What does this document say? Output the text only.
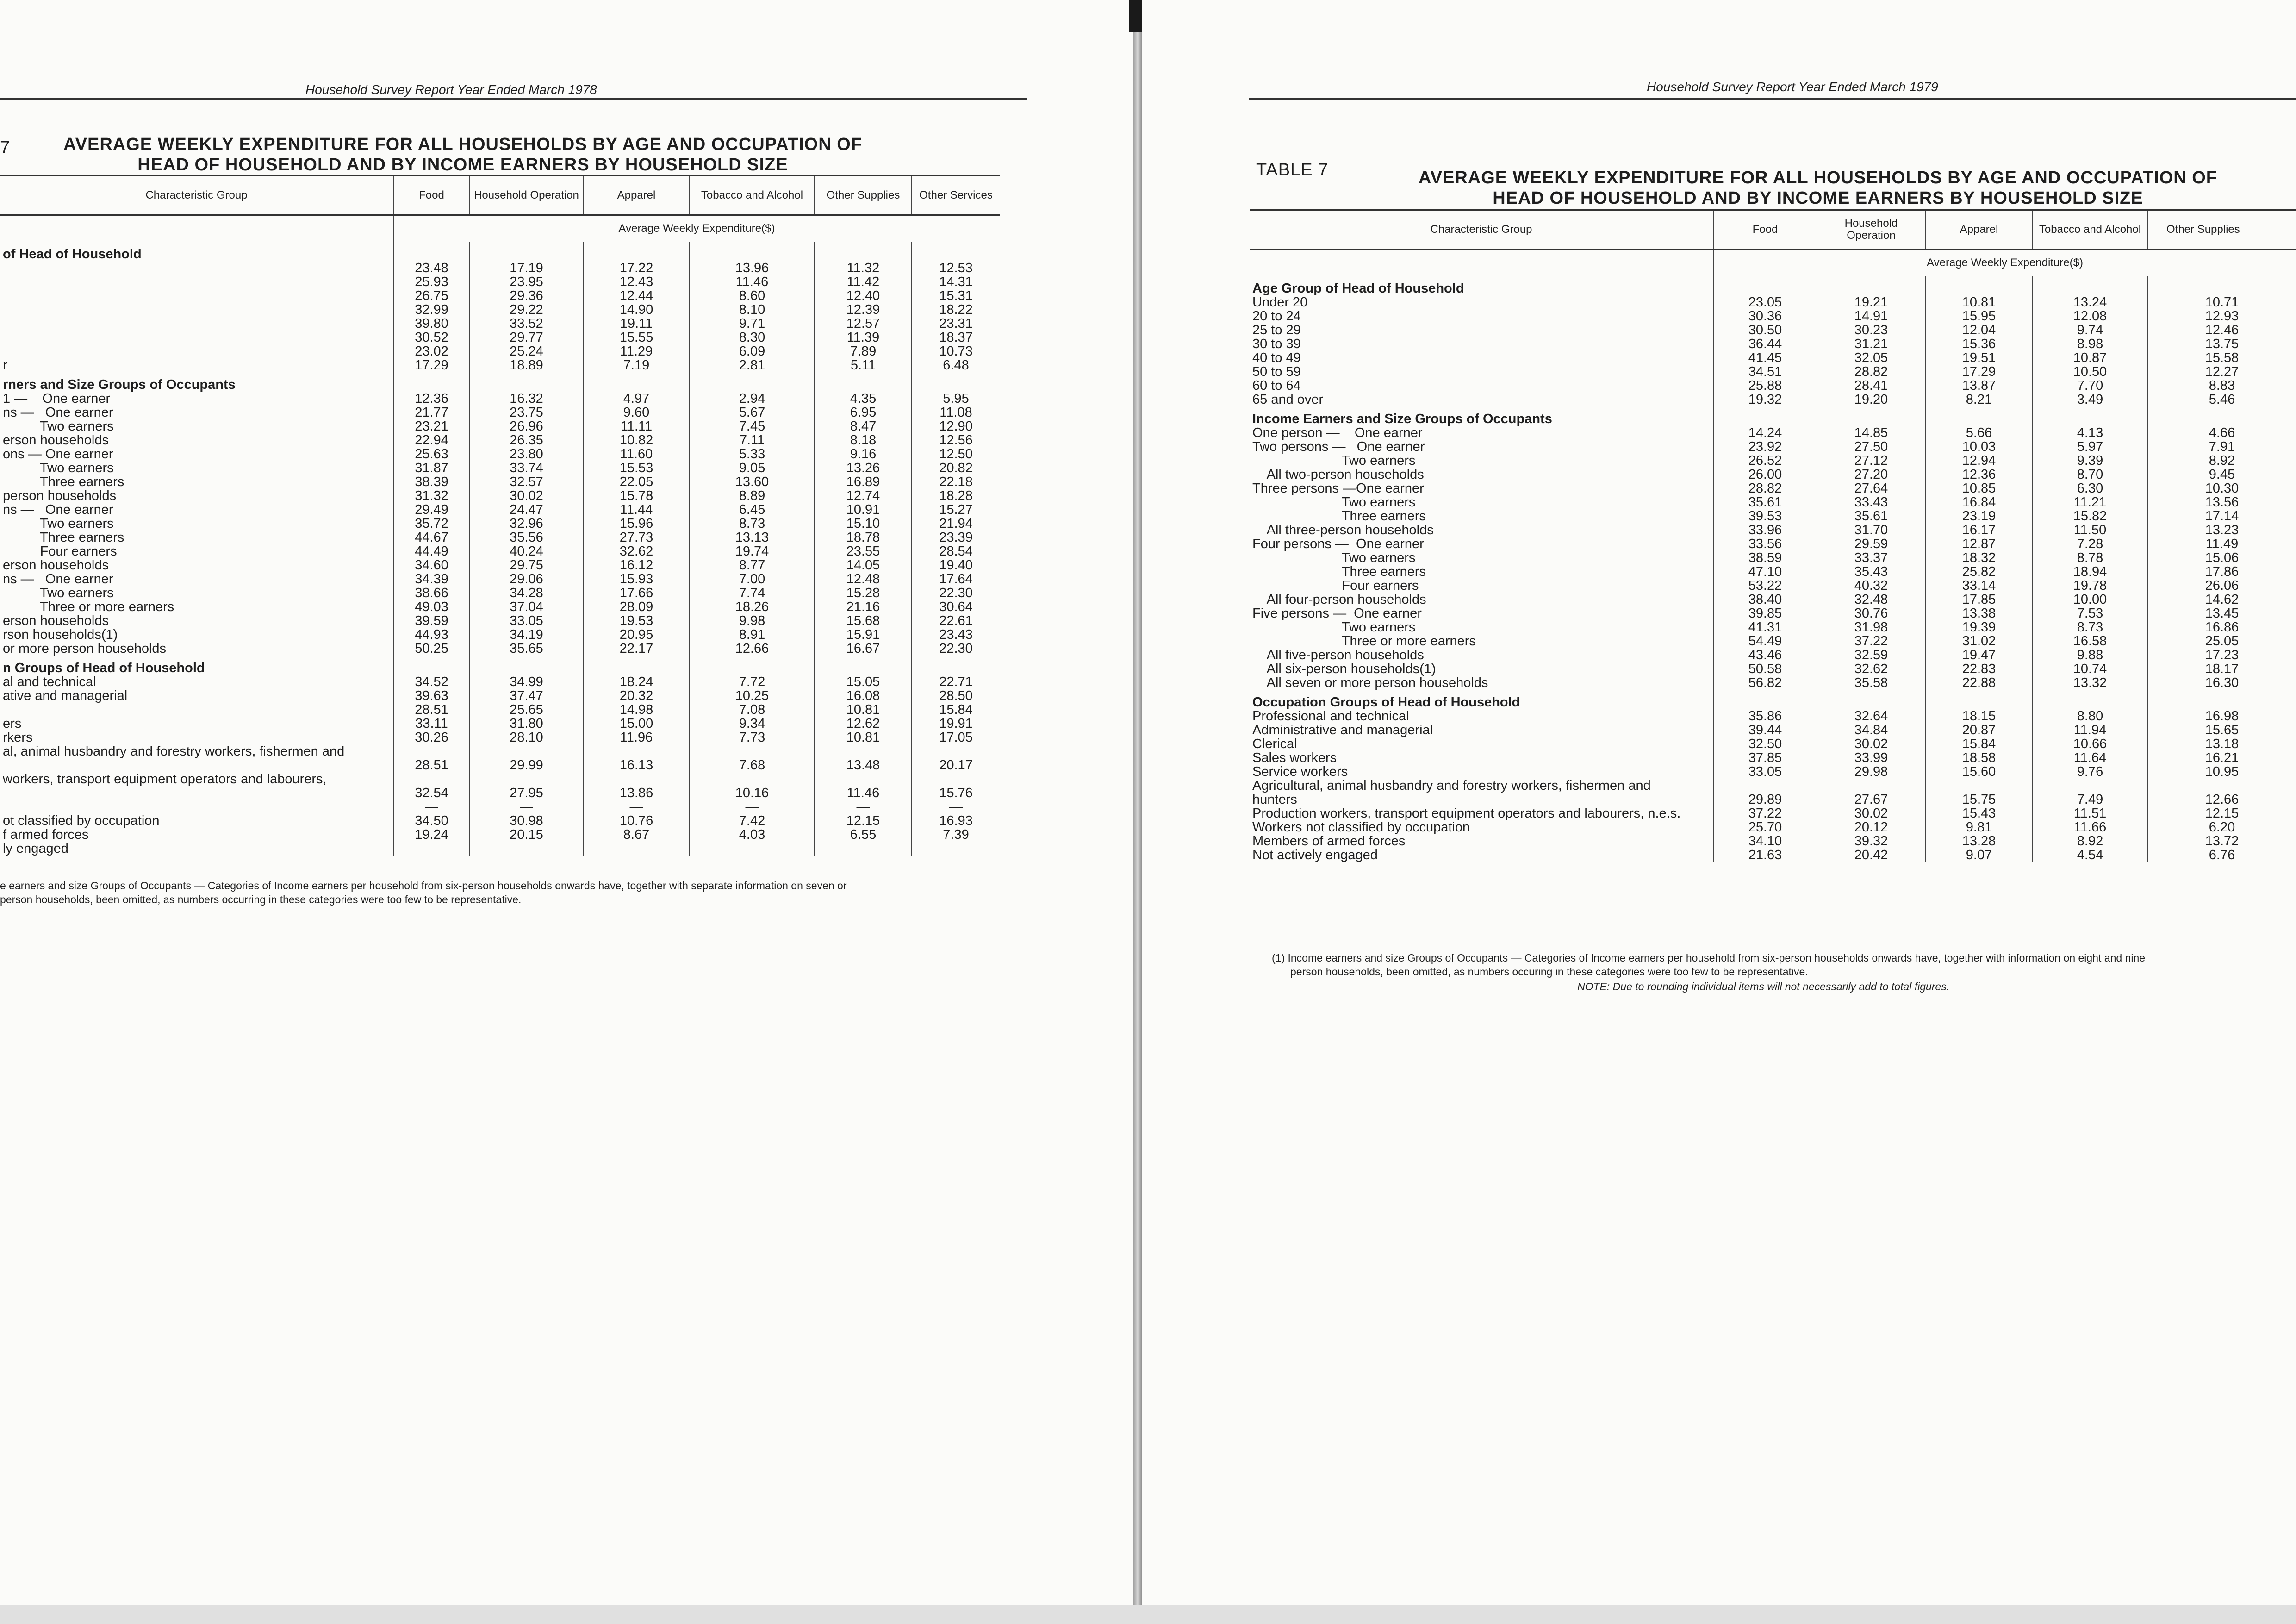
Household Survey Report Year Ended March 1978
7	AVERAGE WEEKLY EXPENDITURE FOR ALL HOUSEHOLDS BY AGE AND OCCUPATION OF
HEAD OF HOUSEHOLD AND BY INCOME EARNERS BY HOUSEHOLD SIZE
Characteristic Group	Food	Household Operation	Apparel	Tobacco and Alcohol	Other Supplies	Other Services
	Average Weekly Expenditure($)					
of Head of Household						
	23.48	17.19	17.22	13.96	11.32	12.53
	25.93	23.95	12.43	11.46	11.42	14.31
	26.75	29.36	12.44	8.60	12.40	15.31
	32.99	29.22	14.90	8.10	12.39	18.22
	39.80	33.52	19.11	9.71	12.57	23.31
	30.52	29.77	15.55	8.30	11.39	18.37
	23.02	25.24	11.29	6.09	7.89	10.73
r	17.29	18.89	7.19	2.81	5.11	6.48
rners and Size Groups of Occupants						
1 —    One earner	12.36	16.32	4.97	2.94	4.35	5.95
ns —   One earner	21.77	23.75	9.60	5.67	6.95	11.08
Two earners	23.21	26.96	11.11	7.45	8.47	12.90
erson households	22.94	26.35	10.82	7.11	8.18	12.56
ons — One earner	25.63	23.80	11.60	5.33	9.16	12.50
Two earners	31.87	33.74	15.53	9.05	13.26	20.82
Three earners	38.39	32.57	22.05	13.60	16.89	22.18
person households	31.32	30.02	15.78	8.89	12.74	18.28
ns —   One earner	29.49	24.47	11.44	6.45	10.91	15.27
Two earners	35.72	32.96	15.96	8.73	15.10	21.94
Three earners	44.67	35.56	27.73	13.13	18.78	23.39
Four earners	44.49	40.24	32.62	19.74	23.55	28.54
erson households	34.60	29.75	16.12	8.77	14.05	19.40
ns —   One earner	34.39	29.06	15.93	7.00	12.48	17.64
Two earners	38.66	34.28	17.66	7.74	15.28	22.30
Three or more earners	49.03	37.04	28.09	18.26	21.16	30.64
erson households	39.59	33.05	19.53	9.98	15.68	22.61
rson households(1)	44.93	34.19	20.95	8.91	15.91	23.43
or more person households	50.25	35.65	22.17	12.66	16.67	22.30
n Groups of Head of Household						
al and technical	34.52	34.99	18.24	7.72	15.05	22.71
ative and managerial	39.63	37.47	20.32	10.25	16.08	28.50
	28.51	25.65	14.98	7.08	10.81	15.84
ers	33.11	31.80	15.00	9.34	12.62	19.91
rkers	30.26	28.10	11.96	7.73	10.81	17.05
al, animal husbandry and forestry workers, fishermen and						
	28.51	29.99	16.13	7.68	13.48	20.17
workers, transport equipment operators and labourers,						
	32.54	27.95	13.86	10.16	11.46	15.76
	—	—	—	—	—	—
ot classified by occupation	34.50	30.98	10.76	7.42	12.15	16.93
f armed forces	19.24	20.15	8.67	4.03	6.55	7.39
ly engaged						
e earners and size Groups of Occupants — Categories of Income earners per household from six-person households onwards have, together with separate information on seven or
person households, been omitted, as numbers occurring in these categories were too few to be representative.
Household Survey Report Year Ended March 1979
TABLE 7	AVERAGE WEEKLY EXPENDITURE FOR ALL HOUSEHOLDS BY AGE AND OCCUPATION OF
HEAD OF HOUSEHOLD AND BY INCOME EARNERS BY HOUSEHOLD SIZE
Characteristic Group	Food	Household Operation	Apparel	Tobacco and Alcohol	Other Supplies
	Average Weekly Expenditure($)				
Age Group of Head of Household					
Under 20	23.05	19.21	10.81	13.24	10.71
20 to 24	30.36	14.91	15.95	12.08	12.93
25 to 29	30.50	30.23	12.04	9.74	12.46
30 to 39	36.44	31.21	15.36	8.98	13.75
40 to 49	41.45	32.05	19.51	10.87	15.58
50 to 59	34.51	28.82	17.29	10.50	12.27
60 to 64	25.88	28.41	13.87	7.70	8.83
65 and over	19.32	19.20	8.21	3.49	5.46
Income Earners and Size Groups of Occupants					
One person —    One earner	14.24	14.85	5.66	4.13	4.66
Two persons —   One earner	23.92	27.50	10.03	5.97	7.91
Two earners	26.52	27.12	12.94	9.39	8.92
All two-person households	26.00	27.20	12.36	8.70	9.45
Three persons —One earner	28.82	27.64	10.85	6.30	10.30
Two earners	35.61	33.43	16.84	11.21	13.56
Three earners	39.53	35.61	23.19	15.82	17.14
All three-person households	33.96	31.70	16.17	11.50	13.23
Four persons —  One earner	33.56	29.59	12.87	7.28	11.49
Two earners	38.59	33.37	18.32	8.78	15.06
Three earners	47.10	35.43	25.82	18.94	17.86
Four earners	53.22	40.32	33.14	19.78	26.06
All four-person households	38.40	32.48	17.85	10.00	14.62
Five persons —  One earner	39.85	30.76	13.38	7.53	13.45
Two earners	41.31	31.98	19.39	8.73	16.86
Three or more earners	54.49	37.22	31.02	16.58	25.05
All five-person households	43.46	32.59	19.47	9.88	17.23
All six-person households(1)	50.58	32.62	22.83	10.74	18.17
All seven or more person households	56.82	35.58	22.88	13.32	16.30
Occupation Groups of Head of Household					
Professional and technical	35.86	32.64	18.15	8.80	16.98
Administrative and managerial	39.44	34.84	20.87	11.94	15.65
Clerical	32.50	30.02	15.84	10.66	13.18
Sales workers	37.85	33.99	18.58	11.64	16.21
Service workers	33.05	29.98	15.60	9.76	10.95
Agricultural, animal husbandry and forestry workers, fishermen and					
hunters	29.89	27.67	15.75	7.49	12.66
Production workers, transport equipment operators and labourers, n.e.s.	37.22	30.02	15.43	11.51	12.15
Workers not classified by occupation	25.70	20.12	9.81	11.66	6.20
Members of armed forces	34.10	39.32	13.28	8.92	13.72
Not actively engaged	21.63	20.42	9.07	4.54	6.76
(1) Income earners and size Groups of Occupants — Categories of Income earners per household from six-person households onwards have, together with information on eight and nine
person households, been omitted, as numbers occuring in these categories were too few to be representative.
NOTE: Due to rounding individual items will not necessarily add to total figures.
